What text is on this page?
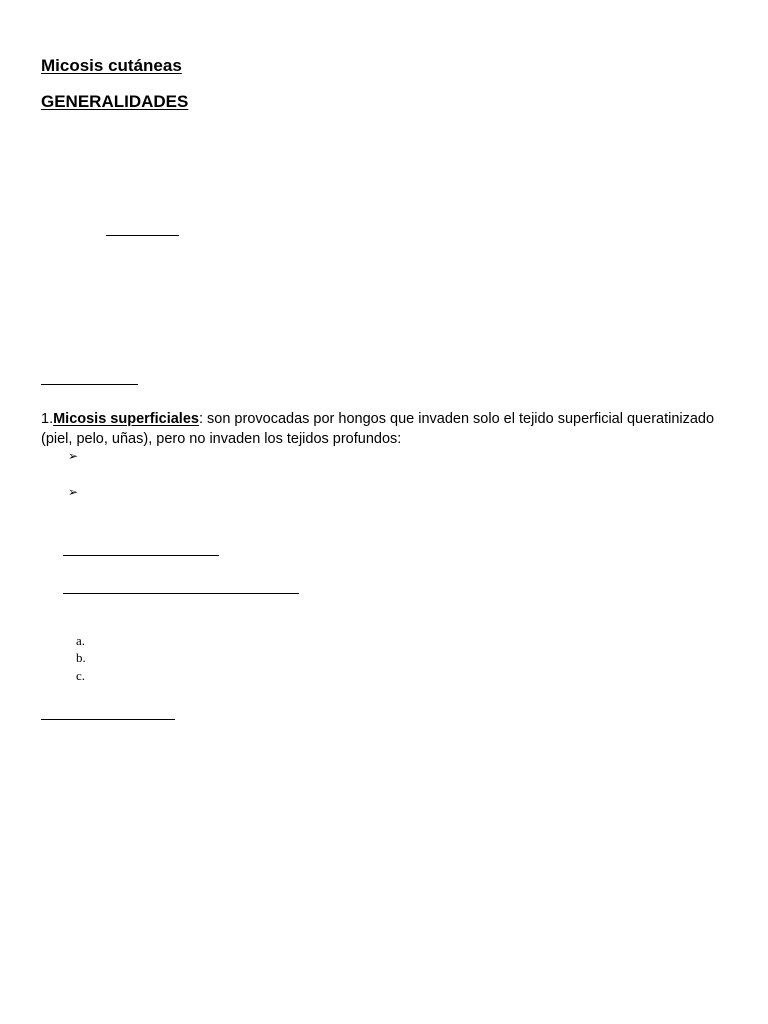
Micosis cutáneas
GENERALIDADES
1.Micosis superficiales: son provocadas por hongos que invaden solo el tejido superficial queratinizado (piel, pelo, uñas), pero no invaden los tejidos profundos:
➢
➢
a.
b.
c.
